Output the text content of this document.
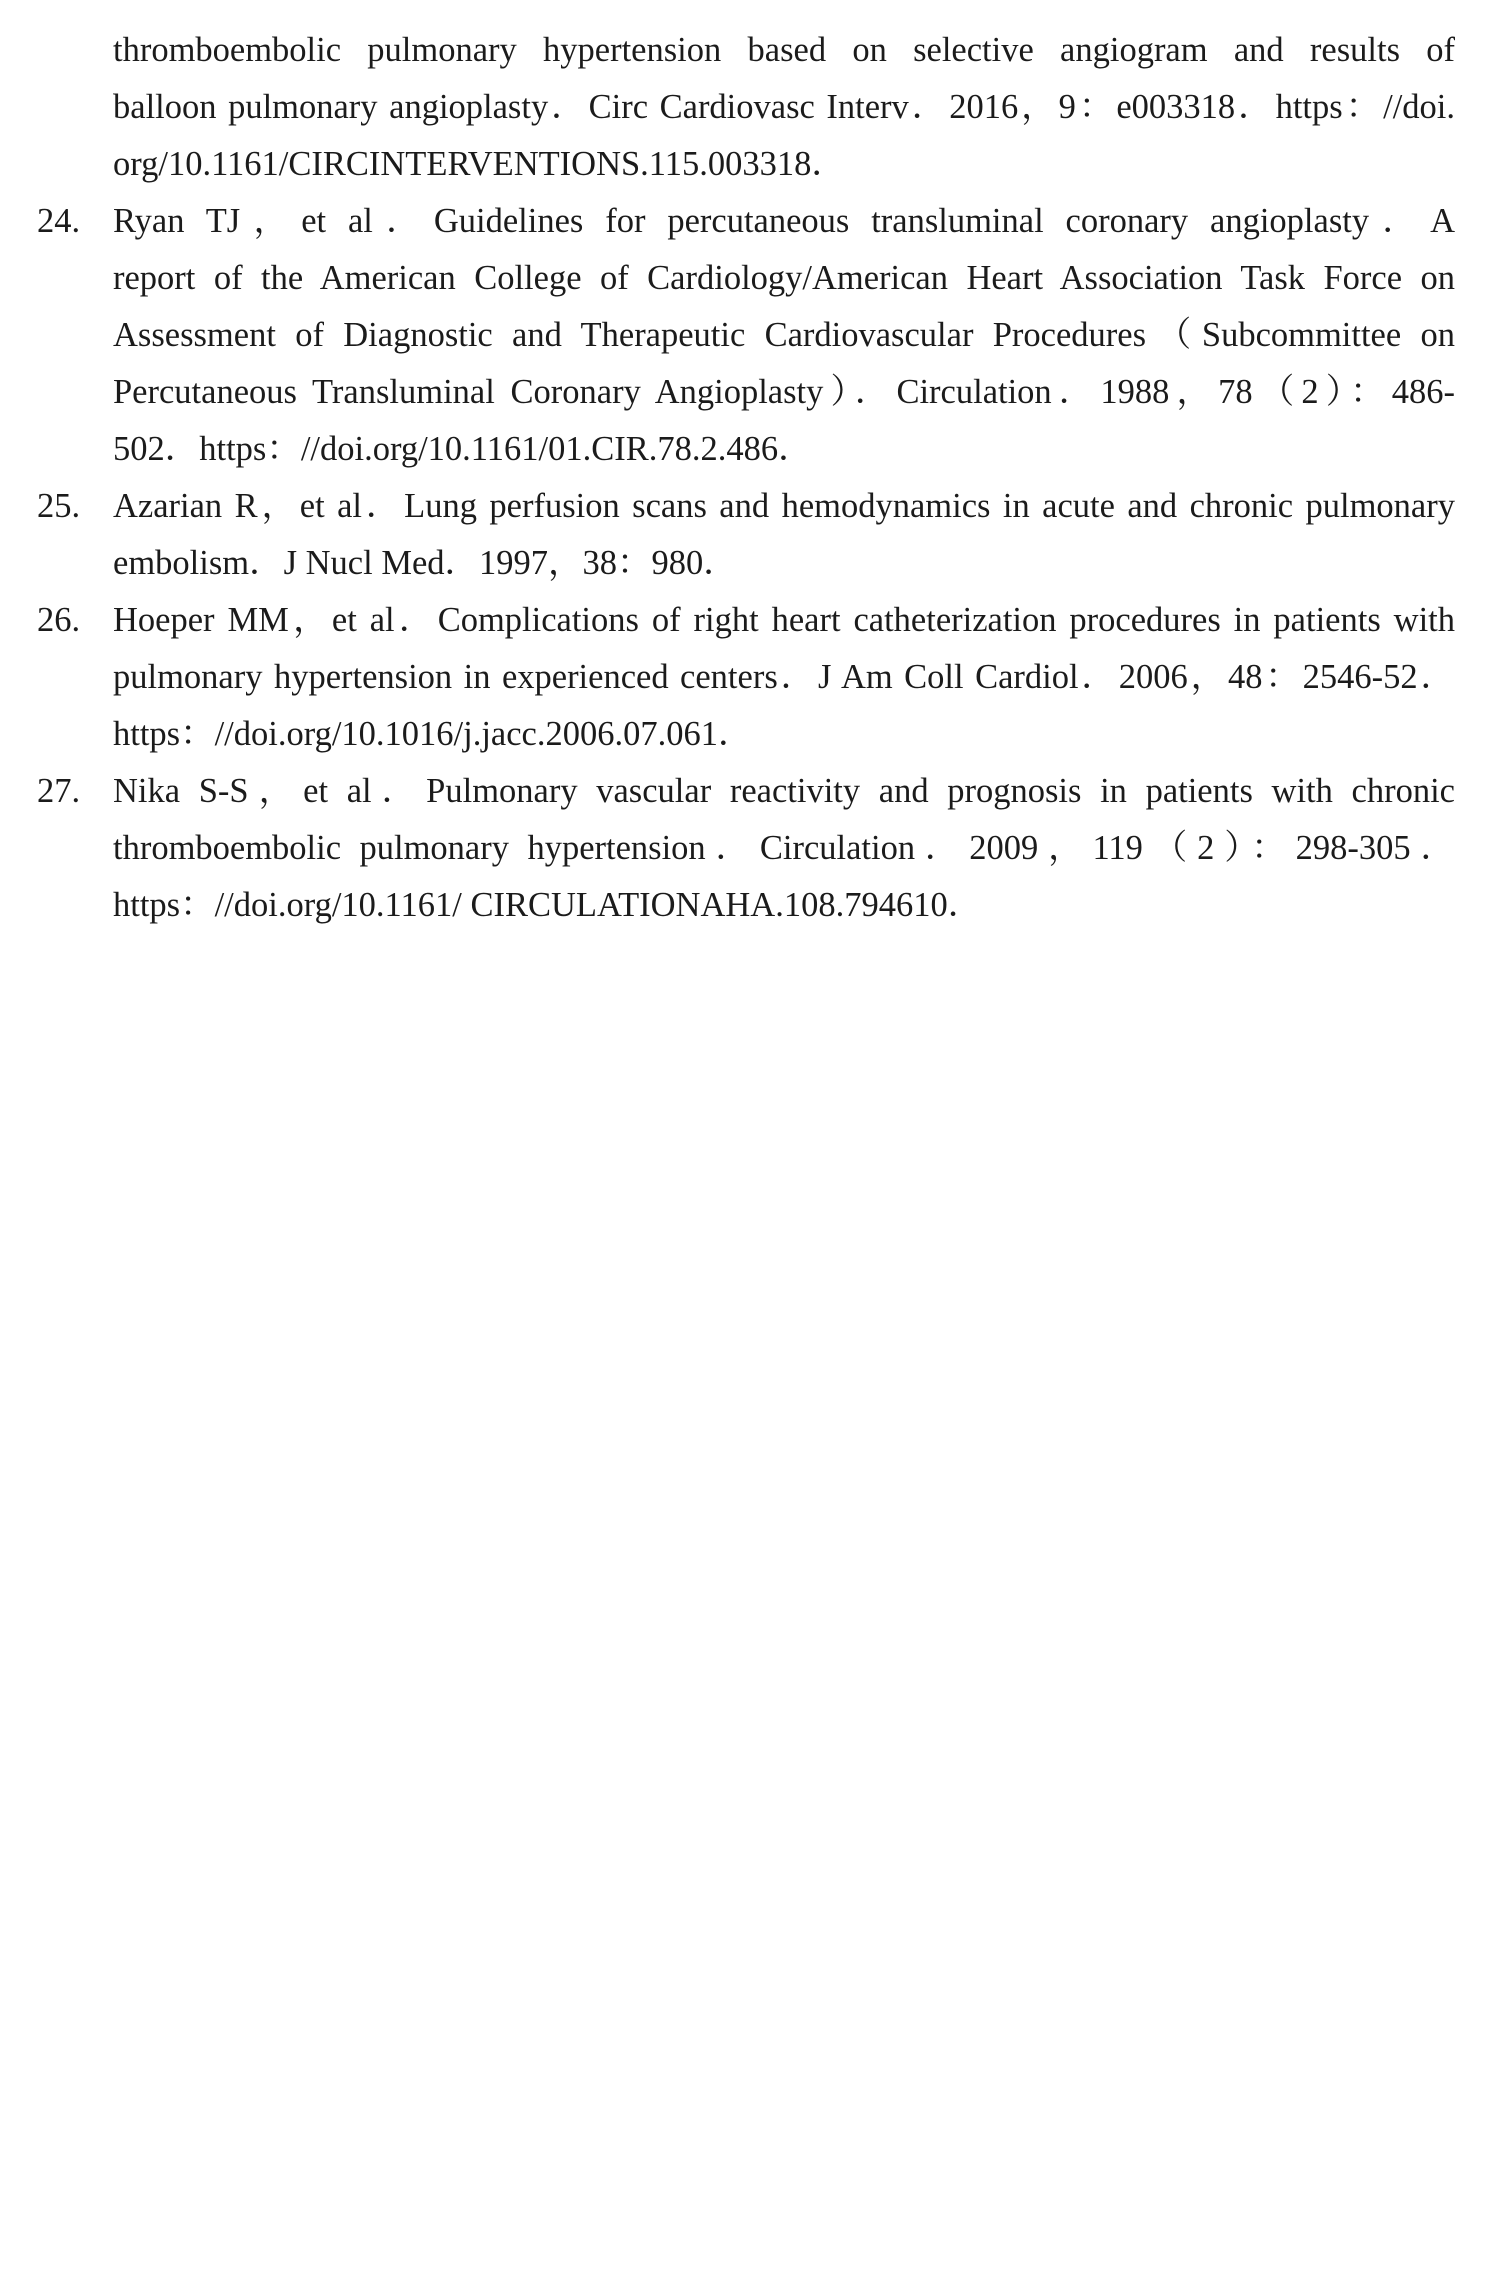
thromboembolic pulmonary hypertension based on selective angiogram and results of
balloon pulmonary angioplasty．Circ Cardiovasc Interv．2016，9：e003318．https：//doi.
org/10.1161/CIRCINTERVENTIONS.115.003318．
24. Ryan TJ，et al．Guidelines for percutaneous transluminal coronary angioplasty．A
report of the American College of Cardiology/American Heart Association Task Force on
Assessment of Diagnostic and Therapeutic Cardiovascular Procedures（Subcommittee on
Percutaneous Transluminal Coronary Angioplasty）．Circulation．1988，78（2）：486-
502．https：//doi.org/10.1161/01.CIR.78.2.486．
25. Azarian R，et al．Lung perfusion scans and hemodynamics in acute and chronic pulmonary
embolism．J Nucl Med．1997，38：980．
26. Hoeper MM，et al．Complications of right heart catheterization procedures in patients with
pulmonary hypertension in experienced centers．J Am Coll Cardiol．2006，48：2546-52．
https：//doi.org/10.1016/j.jacc.2006.07.061．
27. Nika S-S，et al．Pulmonary vascular reactivity and prognosis in patients with chronic
thromboembolic pulmonary hypertension．Circulation．2009，119（2）：298-305．
https：//doi.org/10.1161/ CIRCULATIONAHA.108.794610．
